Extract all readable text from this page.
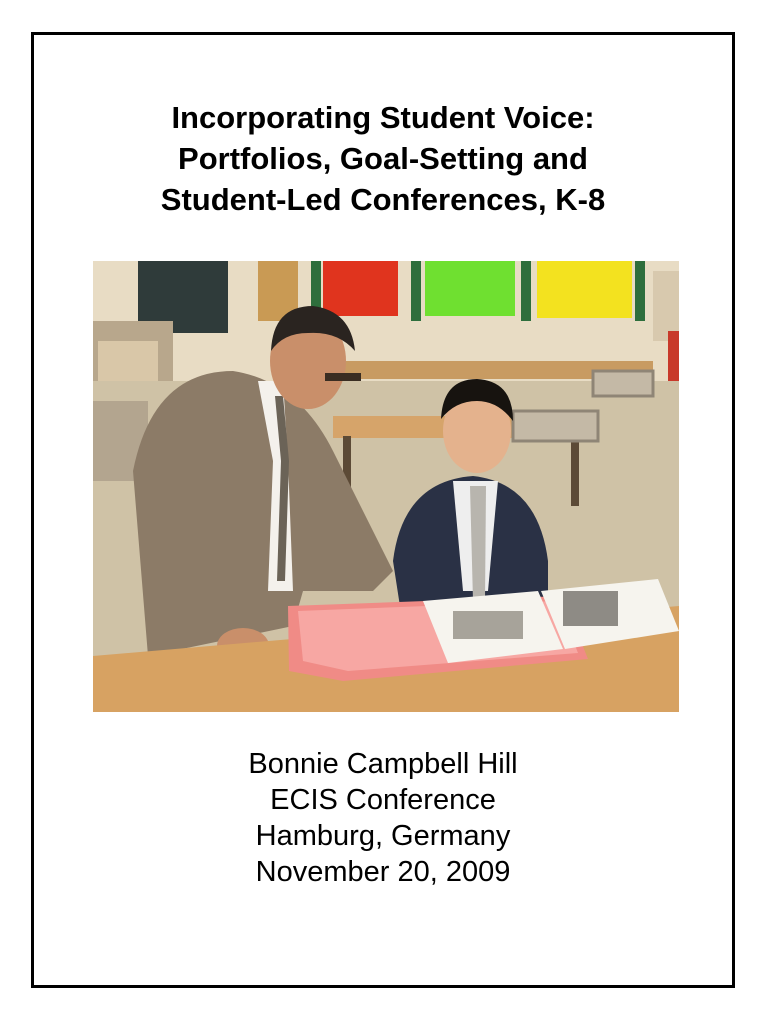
Incorporating Student Voice:
Portfolios, Goal-Setting and
Student-Led Conferences, K-8
Bonnie Campbell Hill
ECIS Conference
Hamburg, Germany
November 20, 2009
